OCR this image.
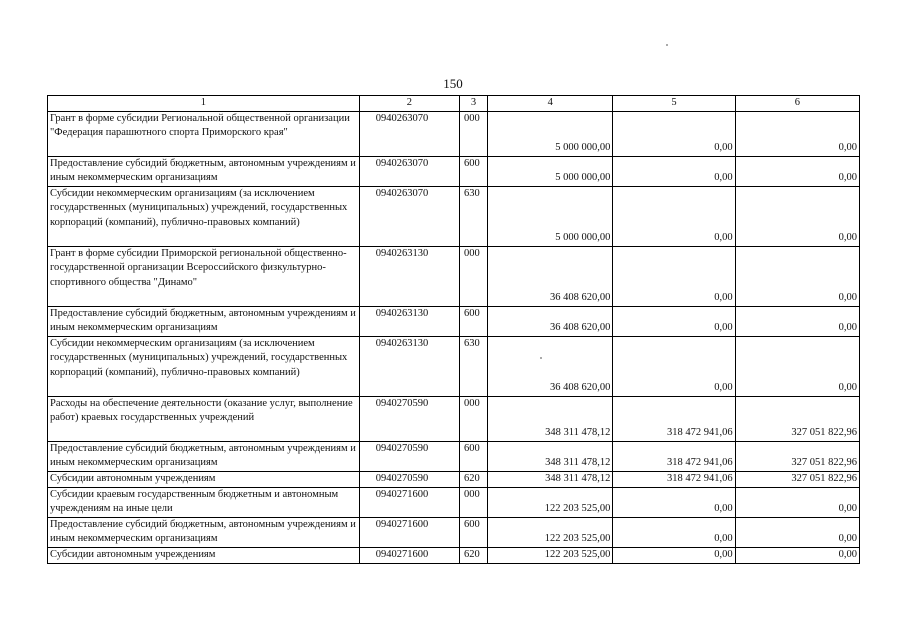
150
1	2	3	4	5	6
Грант в форме субсидии Региональной общественной организации "Федерация парашютного спорта Приморского края"	0940263070	000	5 000 000,00	0,00	0,00
Предоставление субсидий бюджетным, автономным учреждениям и иным некоммерческим организациям	0940263070	600	5 000 000,00	0,00	0,00
Субсидии некоммерческим организациям (за исключением государственных (муниципальных) учреждений, государственных корпораций (компаний), публично-правовых компаний)	0940263070	630	5 000 000,00	0,00	0,00
Грант в форме субсидии Приморской региональной общественно-государственной организации Всероссийского физкультурно-спортивного общества "Динамо"	0940263130	000	36 408 620,00	0,00	0,00
Предоставление субсидий бюджетным, автономным учреждениям и иным некоммерческим организациям	0940263130	600	36 408 620,00	0,00	0,00
Субсидии некоммерческим организациям (за исключением государственных (муниципальных) учреждений, государственных корпораций (компаний), публично-правовых компаний)	0940263130	630	36 408 620,00	0,00	0,00
Расходы на обеспечение деятельности (оказание услуг, выполнение работ) краевых государственных учреждений	0940270590	000	348 311 478,12	318 472 941,06	327 051 822,96
Предоставление субсидий бюджетным, автономным учреждениям и иным некоммерческим организациям	0940270590	600	348 311 478,12	318 472 941,06	327 051 822,96
Субсидии автономным учреждениям	0940270590	620	348 311 478,12	318 472 941,06	327 051 822,96
Субсидии краевым государственным бюджетным и автономным учреждениям на иные цели	0940271600	000	122 203 525,00	0,00	0,00
Предоставление субсидий бюджетным, автономным учреждениям и иным некоммерческим организациям	0940271600	600	122 203 525,00	0,00	0,00
Субсидии автономным учреждениям	0940271600	620	122 203 525,00	0,00	0,00
